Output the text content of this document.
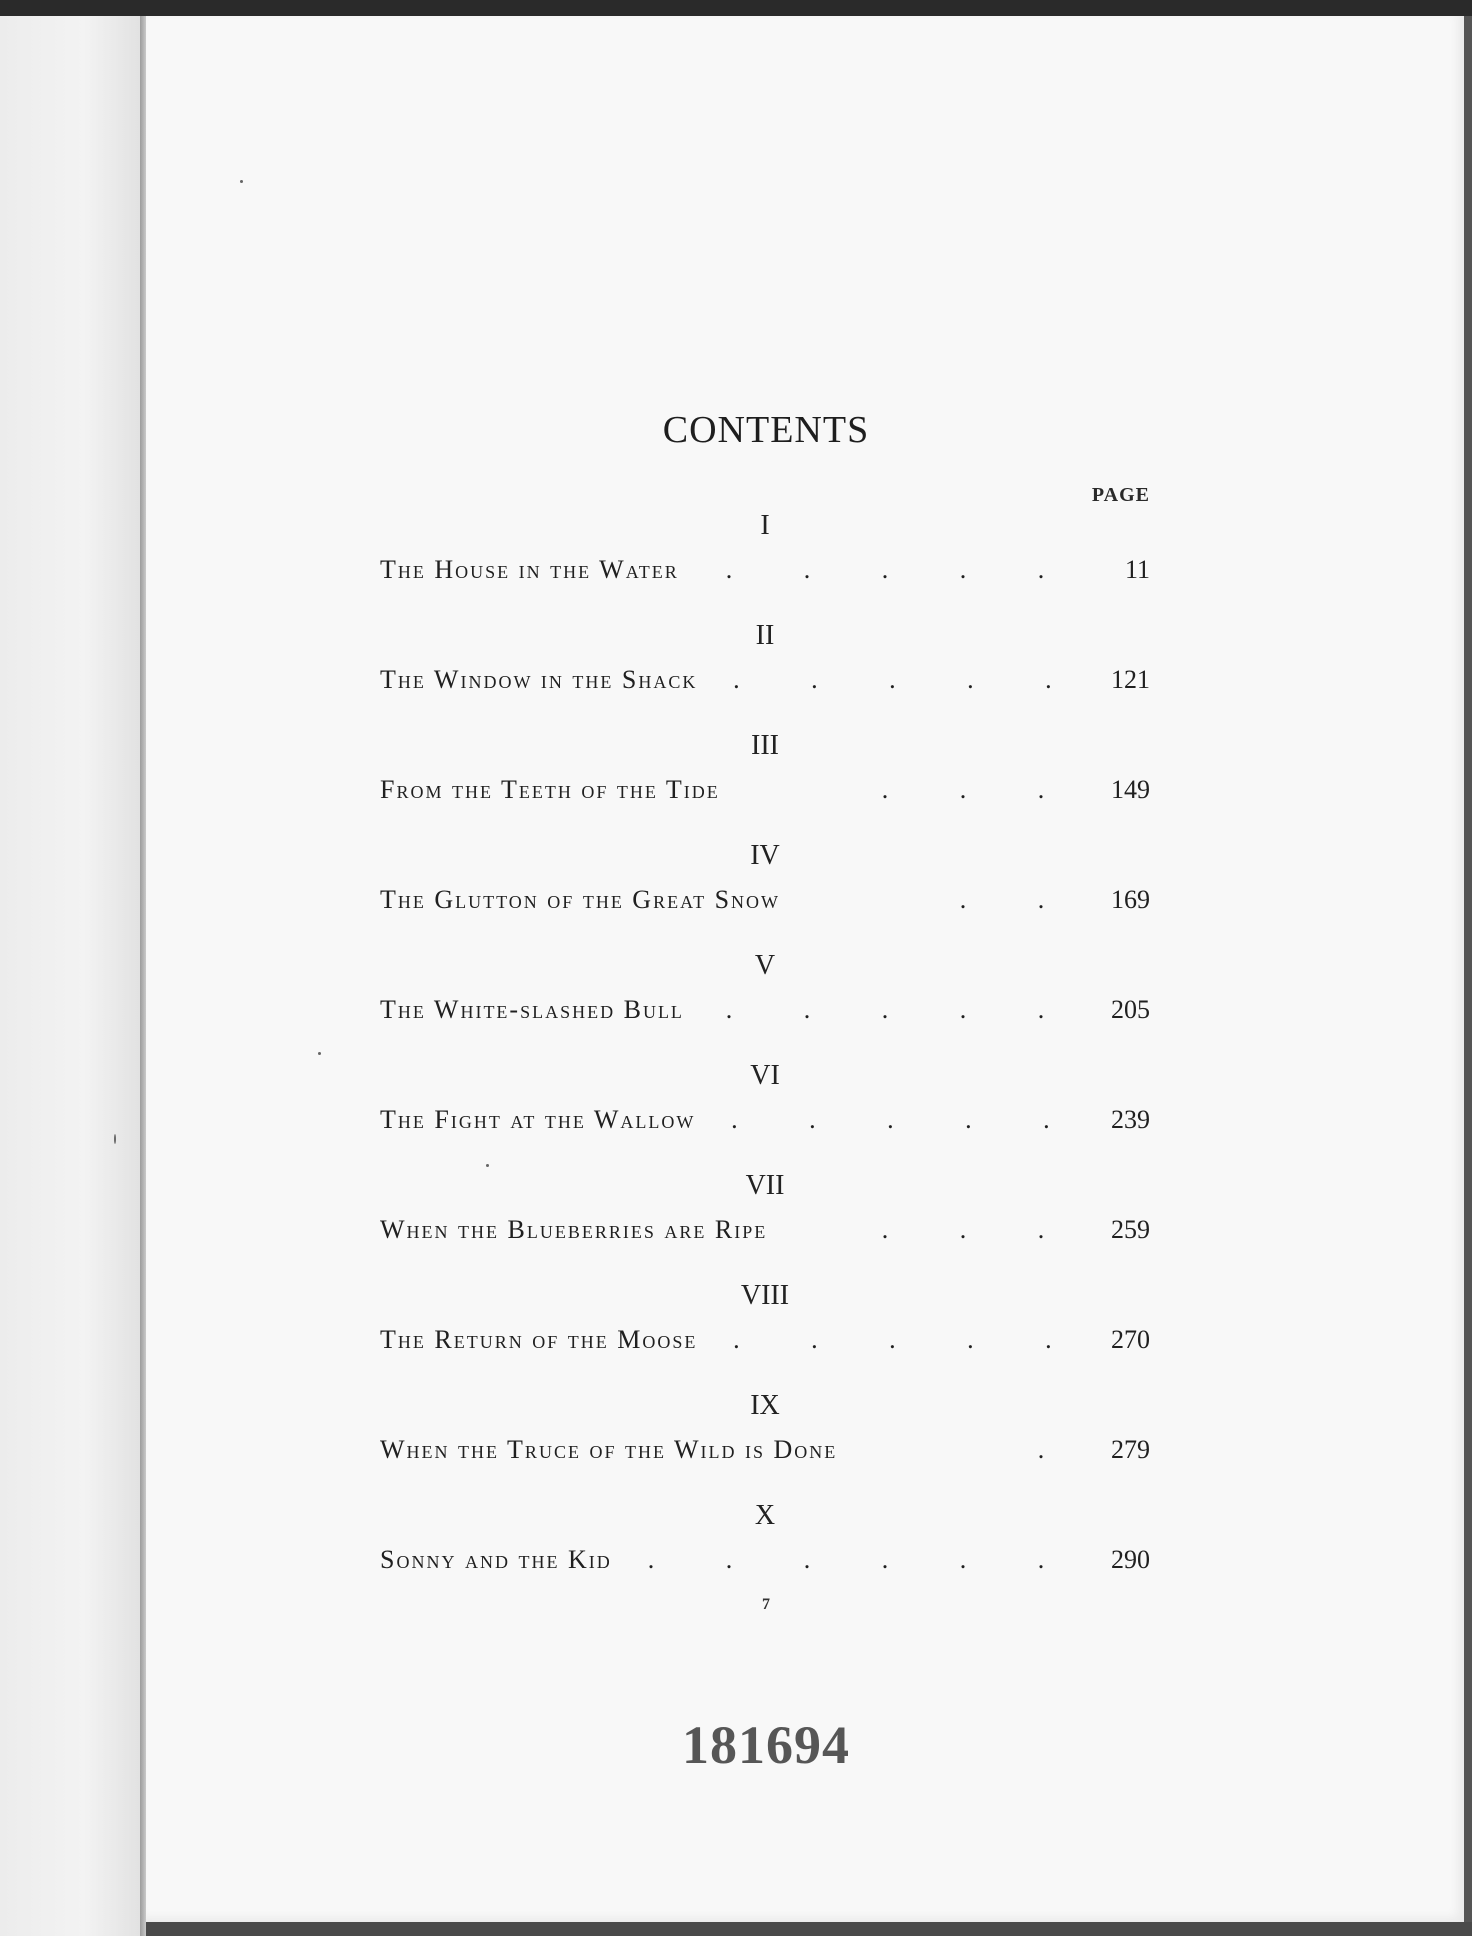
CONTENTS
PAGE
I
The House in the Water	.	.	.	.	.	11
II
The Window in the Shack	.	.	.	.	.	121
III
From the Teeth of the Tide	.	.	.	149
IV
The Glutton of the Great Snow	.	.	169
V
The White-slashed Bull	.	.	.	.	.	205
VI
The Fight at the Wallow	.	.	.	.	.	239
VII
When the Blueberries are Ripe	.	.	.	259
VIII
The Return of the Moose	.	.	.	.	.	270
IX
When the Truce of the Wild is Done	.	279
X
Sonny and the Kid	.	.	.	.	.	.	290
7
181694
